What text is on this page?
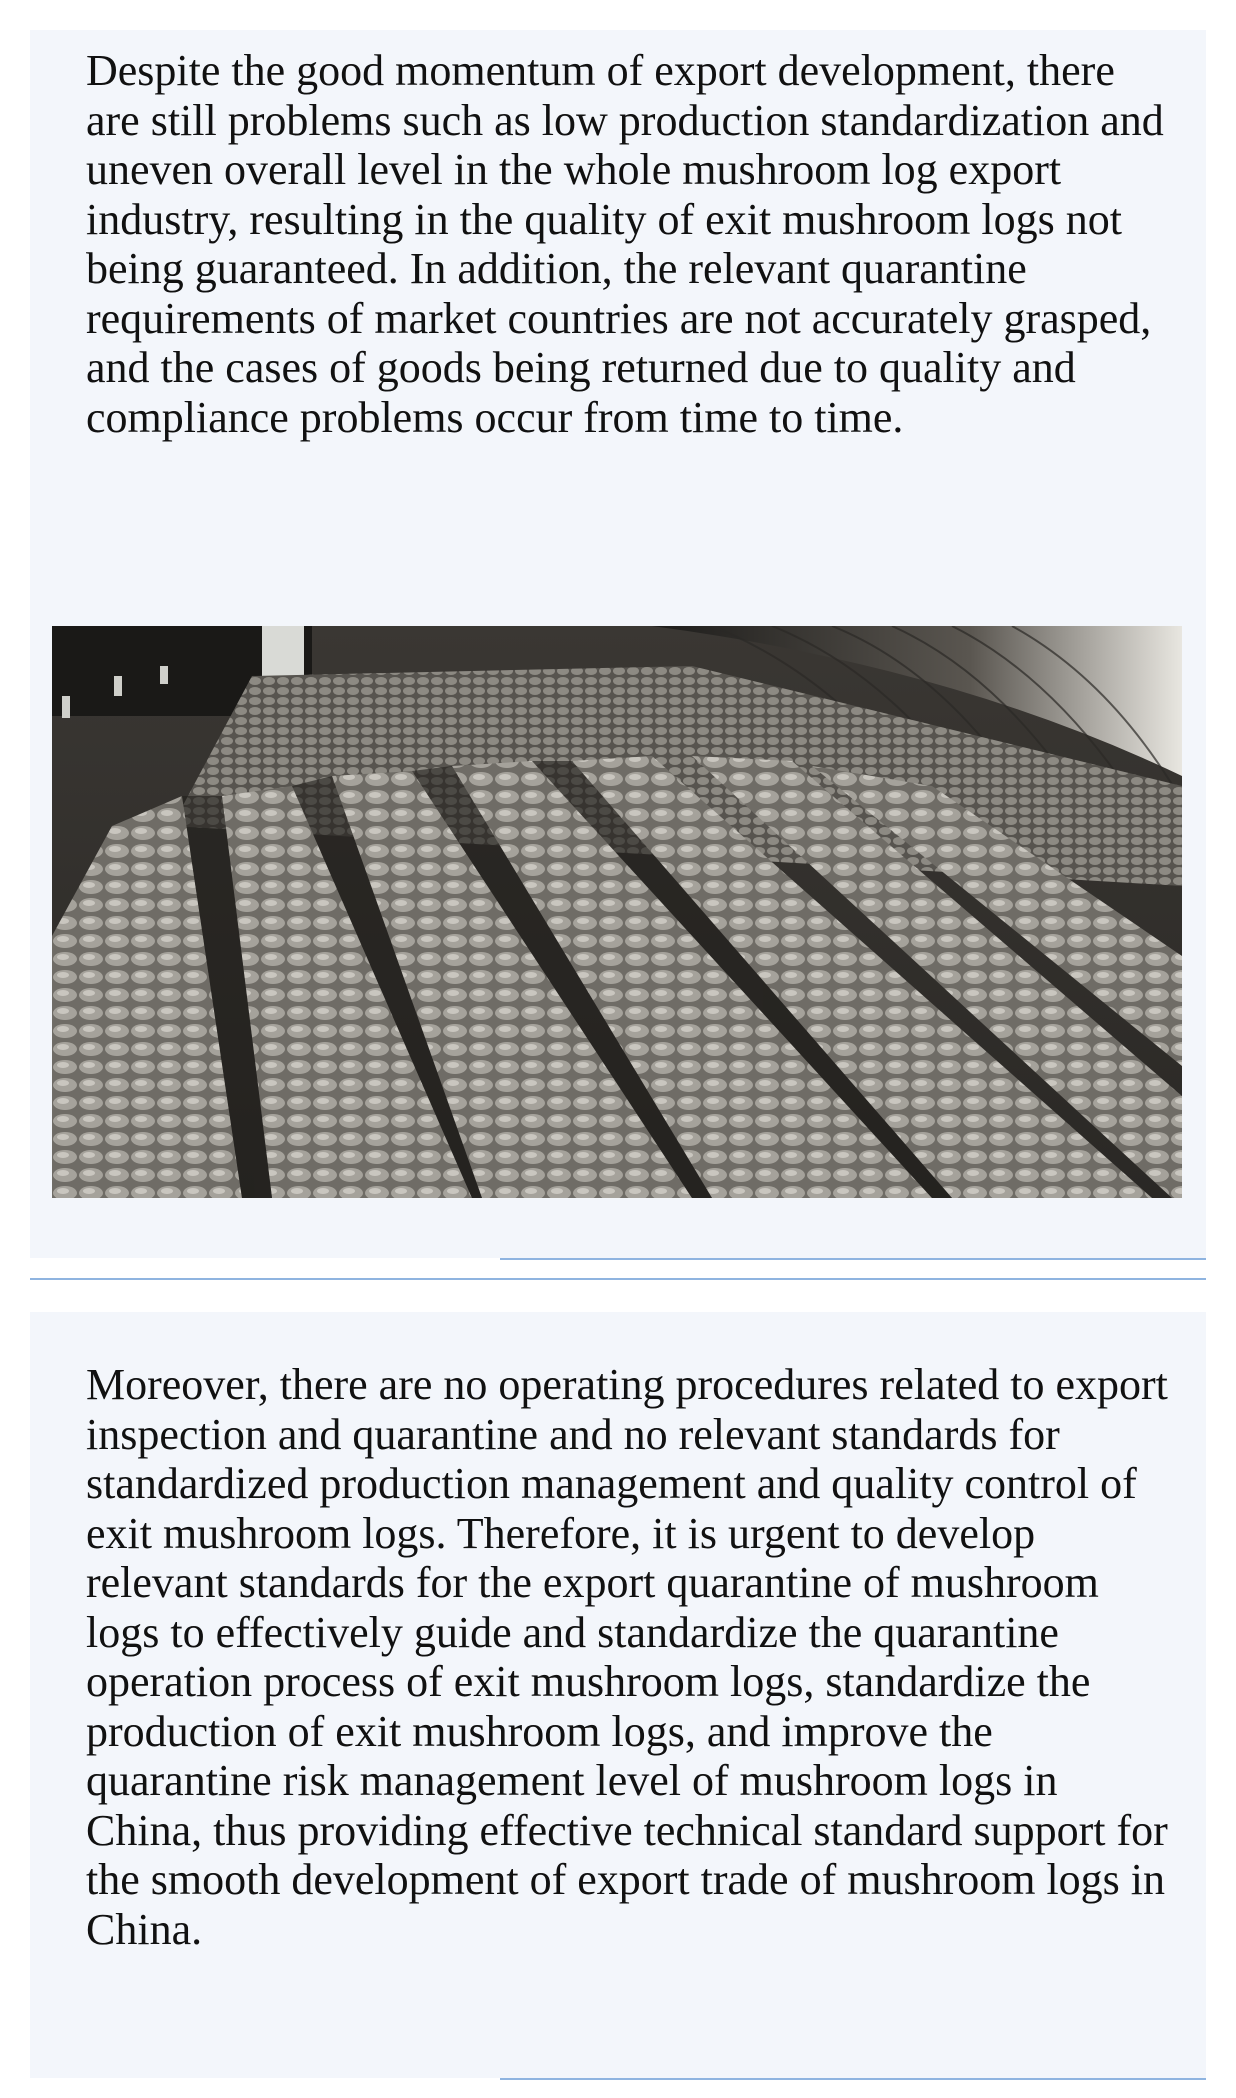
Despite the good momentum of export development, there are still problems such as low production standardization and uneven overall level in the whole mushroom log export industry, resulting in the quality of exit mushroom logs not being guaranteed. In addition, the relevant quarantine requirements of market countries are not accurately grasped, and the cases of goods being returned due to quality and compliance problems occur from time to time.

Moreover, there are no operating procedures related to export inspection and quarantine and no relevant standards for standardized production management and quality control of exit mushroom logs. Therefore, it is urgent to develop relevant standards for the export quarantine of mushroom logs to effectively guide and standardize the quarantine operation process of exit mushroom logs, standardize the production of exit mushroom logs, and improve the quarantine risk management level of mushroom logs in China, thus providing effective technical standard support for the smooth development of export trade of mushroom logs in China.
